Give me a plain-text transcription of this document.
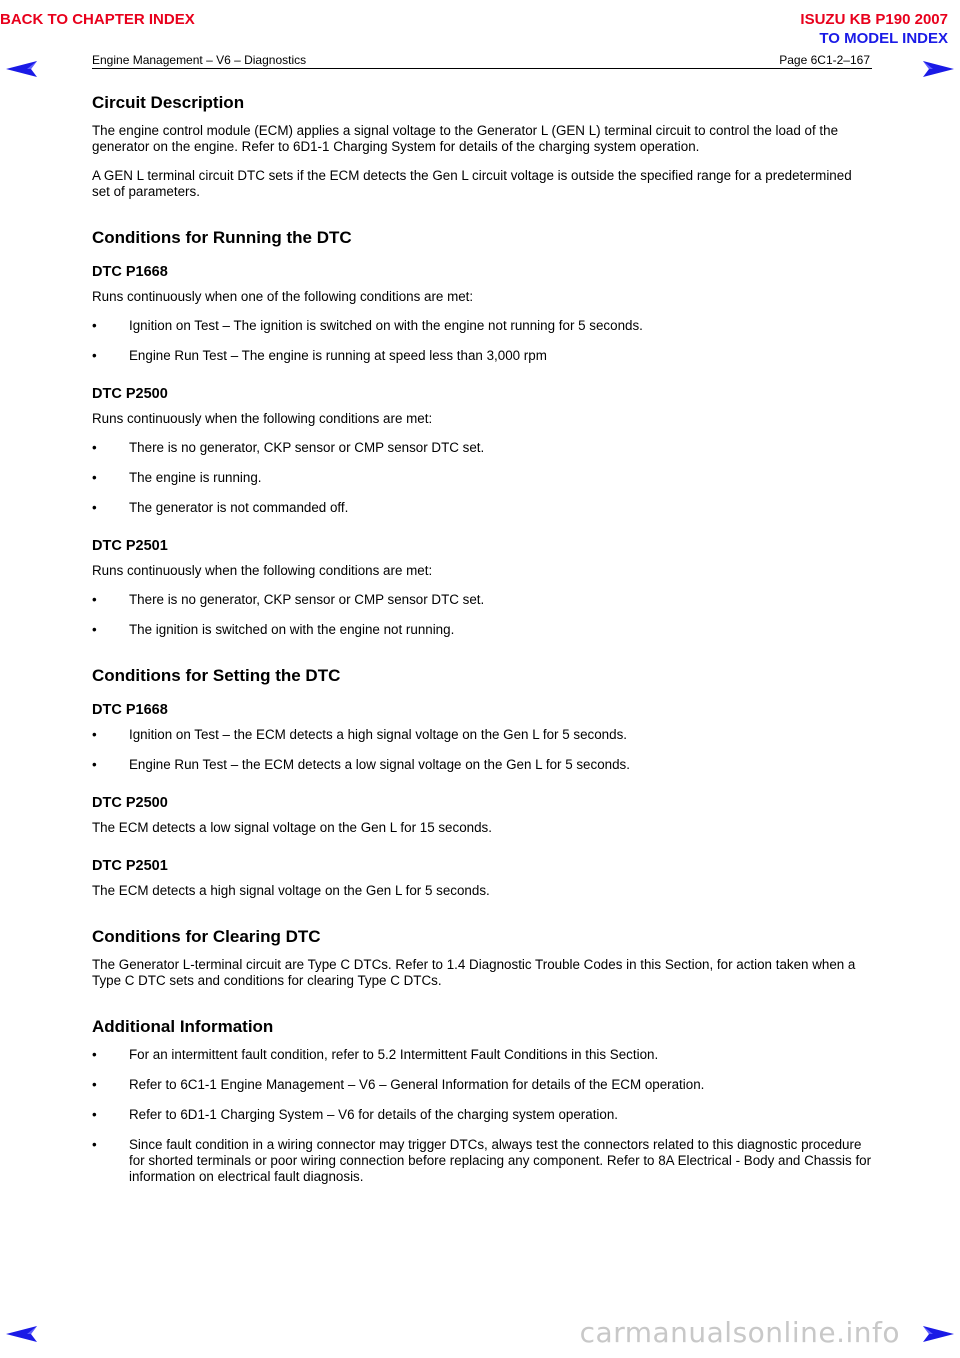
BACK TO CHAPTER INDEX	ISUZU KB P190 2007
TO MODEL INDEX
Engine Management – V6 – Diagnostics	Page 6C1-2–167
Circuit Description

The engine control module (ECM) applies a signal voltage to the Generator L (GEN L) terminal circuit to control the load of the generator on the engine. Refer to 6D1-1 Charging System for details of the charging system operation.

A GEN L terminal circuit DTC sets if the ECM detects the Gen L circuit voltage is outside the specified range for a predetermined set of parameters.

Conditions for Running the DTC
DTC P1668

Runs continuously when one of the following conditions are met:

• Ignition on Test – The ignition is switched on with the engine not running for 5 seconds.
• Engine Run Test – The engine is running at speed less than 3,000 rpm
DTC P2500

Runs continuously when the following conditions are met:

• There is no generator, CKP sensor or CMP sensor DTC set.
• The engine is running.
• The generator is not commanded off.
DTC P2501

Runs continuously when the following conditions are met:

• There is no generator, CKP sensor or CMP sensor DTC set.
• The ignition is switched on with the engine not running.
Conditions for Setting the DTC
DTC P1668
• Ignition on Test – the ECM detects a high signal voltage on the Gen L for 5 seconds.
• Engine Run Test – the ECM detects a low signal voltage on the Gen L for 5 seconds.
DTC P2500

The ECM detects a low signal voltage on the Gen L for 15 seconds.

DTC P2501

The ECM detects a high signal voltage on the Gen L for 5 seconds.

Conditions for Clearing DTC

The Generator L-terminal circuit are Type C DTCs. Refer to 1.4 Diagnostic Trouble Codes in this Section, for action taken when a Type C DTC sets and conditions for clearing Type C DTCs.

Additional Information
• For an intermittent fault condition, refer to 5.2 Intermittent Fault Conditions in this Section.
• Refer to 6C1-1 Engine Management – V6 – General Information for details of the ECM operation.
• Refer to 6D1-1 Charging System – V6 for details of the charging system operation.
• Since fault condition in a wiring connector may trigger DTCs, always test the connectors related to this diagnostic procedure for shorted terminals or poor wiring connection before replacing any component. Refer to 8A Electrical - Body and Chassis for information on electrical fault diagnosis.
carmanualsonline.info
